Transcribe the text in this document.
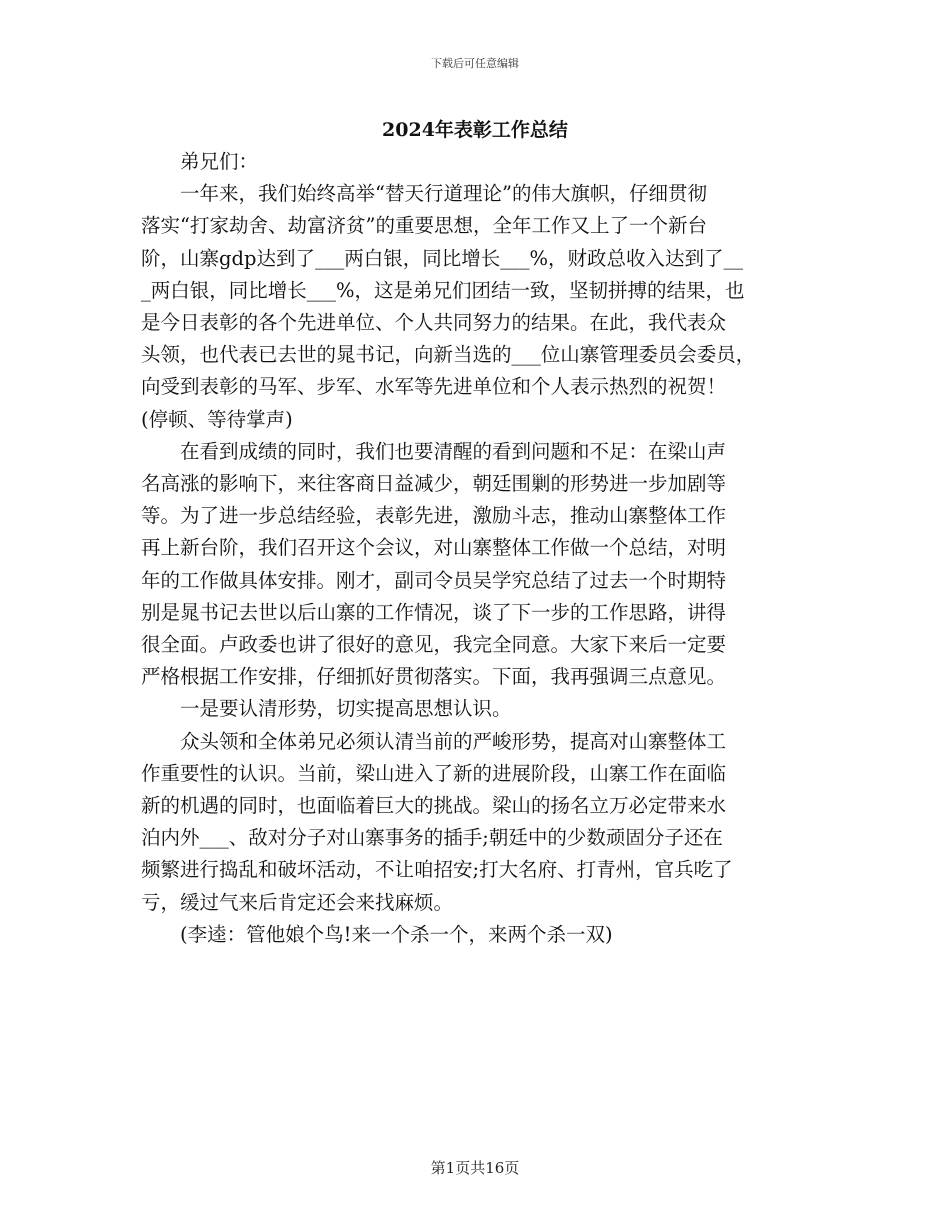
下载后可任意编辑
2024年表彰工作总结

　　弟兄们：

　　一年来，我们始终高举“替天行道理论”的伟大旗帜，仔细贯彻

落实“打家劫舍、劫富济贫”的重要思想，全年工作又上了一个新台

阶，山寨gdp达到了___两白银，同比增长___%，财政总收入达到了__

_两白银，同比增长___%，这是弟兄们团结一致，坚韧拼搏的结果，也

是今日表彰的各个先进单位、个人共同努力的结果。在此，我代表众

头领，也代表已去世的晁书记，向新当选的___位山寨管理委员会委员，

向受到表彰的马军、步军、水军等先进单位和个人表示热烈的祝贺！

(停顿、等待掌声)

　　在看到成绩的同时，我们也要清醒的看到问题和不足：在梁山声

名高涨的影响下，来往客商日益减少，朝廷围剿的形势进一步加剧等

等。为了进一步总结经验，表彰先进，激励斗志，推动山寨整体工作

再上新台阶，我们召开这个会议，对山寨整体工作做一个总结，对明

年的工作做具体安排。刚才，副司令员吴学究总结了过去一个时期特

别是晁书记去世以后山寨的工作情况，谈了下一步的工作思路，讲得

很全面。卢政委也讲了很好的意见，我完全同意。大家下来后一定要

严格根据工作安排，仔细抓好贯彻落实。下面，我再强调三点意见。

　　一是要认清形势，切实提高思想认识。

　　众头领和全体弟兄必须认清当前的严峻形势，提高对山寨整体工

作重要性的认识。当前，梁山进入了新的进展阶段，山寨工作在面临

新的机遇的同时，也面临着巨大的挑战。梁山的扬名立万必定带来水

泊内外___、敌对分子对山寨事务的插手;朝廷中的少数顽固分子还在

频繁进行捣乱和破坏活动，不让咱招安;打大名府、打青州，官兵吃了

亏，缓过气来后肯定还会来找麻烦。

　　(李逵：管他娘个鸟!来一个杀一个，来两个杀一双)

第1页共16页
